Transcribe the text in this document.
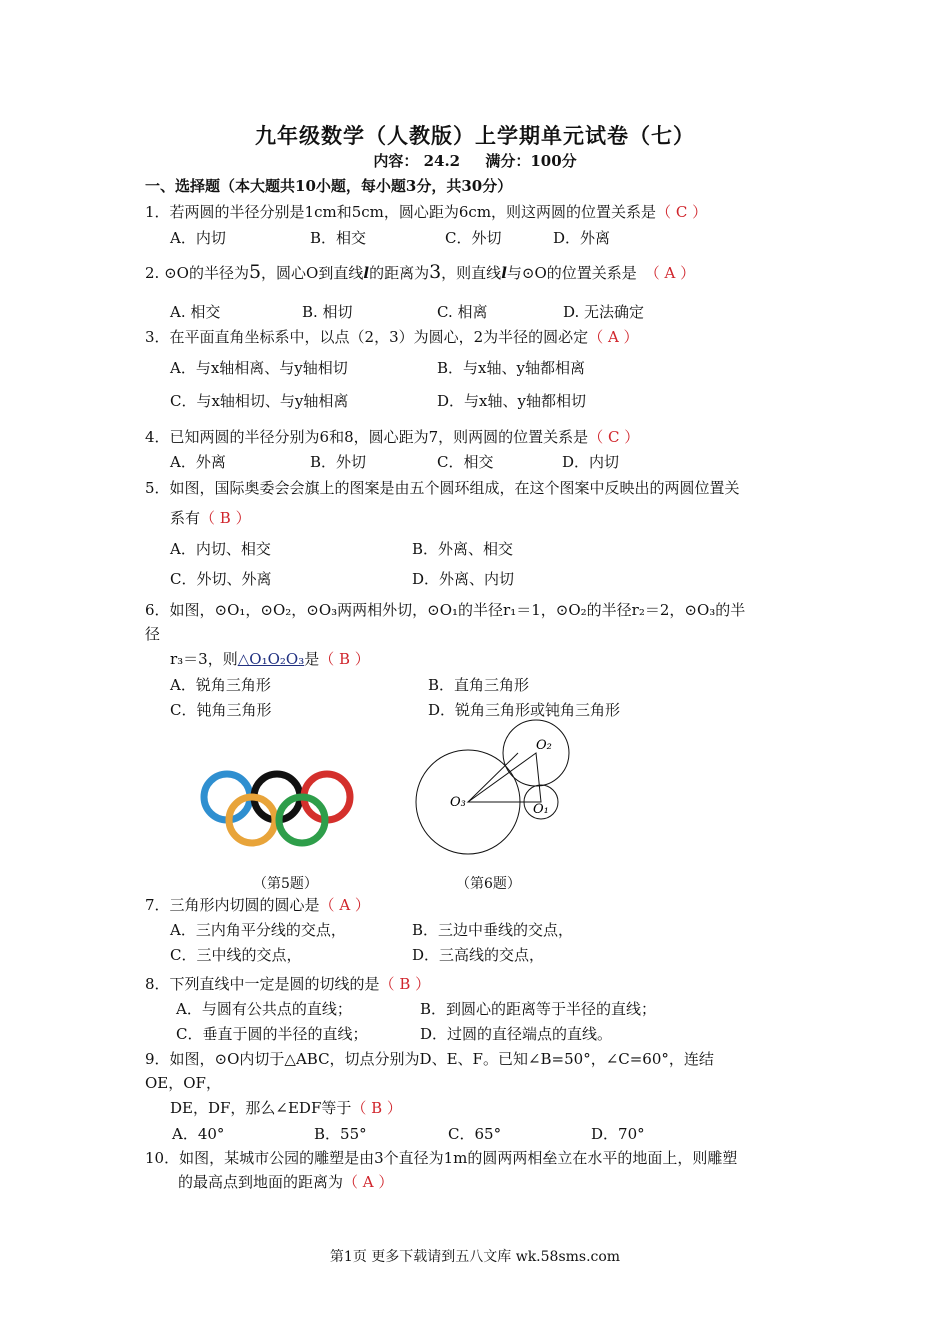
九年级数学（人教版）上学期单元试卷（七）
内容： 24.2 满分：100分
一、选择题（本大题共10小题，每小题3分，共30分）
1．若两圆的半径分别是1cm和5cm，圆心距为6cm，则这两圆的位置关系是（ C ）
A．内切	B．相交	C．外切	D．外离
2. ⊙O的半径为5，圆心O到直线l的距离为3，则直线l与⊙O的位置关系是 （ A ）
A. 相交	B. 相切	C. 相离	D. 无法确定
3．在平面直角坐标系中，以点（2，3）为圆心，2为半径的圆必定（ A ）
A．与x轴相离、与y轴相切	B．与x轴、y轴都相离
C．与x轴相切、与y轴相离	D．与x轴、y轴都相切
4．已知两圆的半径分别为6和8，圆心距为7，则两圆的位置关系是（ C ）
A．外离	B．外切	C．相交	D．内切
5．如图，国际奥委会会旗上的图案是由五个圆环组成，在这个图案中反映出的两圆位置关
系有（ B ）
A．内切、相交	B．外离、相交
C．外切、外离	D．外离、内切
6．如图，⊙O₁，⊙O₂，⊙O₃两两相外切，⊙O₁的半径r₁＝1，⊙O₂的半径r₂＝2，⊙O₃的半
径
r₃＝3，则△O₁O₂O₃是（ B ）
A．锐角三角形	B．直角三角形
C．钝角三角形	D．锐角三角形或钝角三角形
（第5题）
O₃
O₂
O₁
（第6题）
7．三角形内切圆的圆心是（ A ）
A．三内角平分线的交点，	B．三边中垂线的交点，
C．三中线的交点，	D．三高线的交点，
8．下列直线中一定是圆的切线的是（ B ）
A．与圆有公共点的直线；	B．到圆心的距离等于半径的直线；
C．垂直于圆的半径的直线；	D．过圆的直径端点的直线。
9．如图，⊙O内切于△ABC，切点分别为D、E、F。已知∠B=50°，∠C=60°，连结
OE，OF，
DE，DF，那么∠EDF等于（ B ）
A．40°	B．55°	C．65°	D．70°
10．如图，某城市公园的雕塑是由3个直径为1m的圆两两相垒立在水平的地面上，则雕塑
的最高点到地面的距离为（ A ）
第1页 更多下载请到五八文库 wk.58sms.com
